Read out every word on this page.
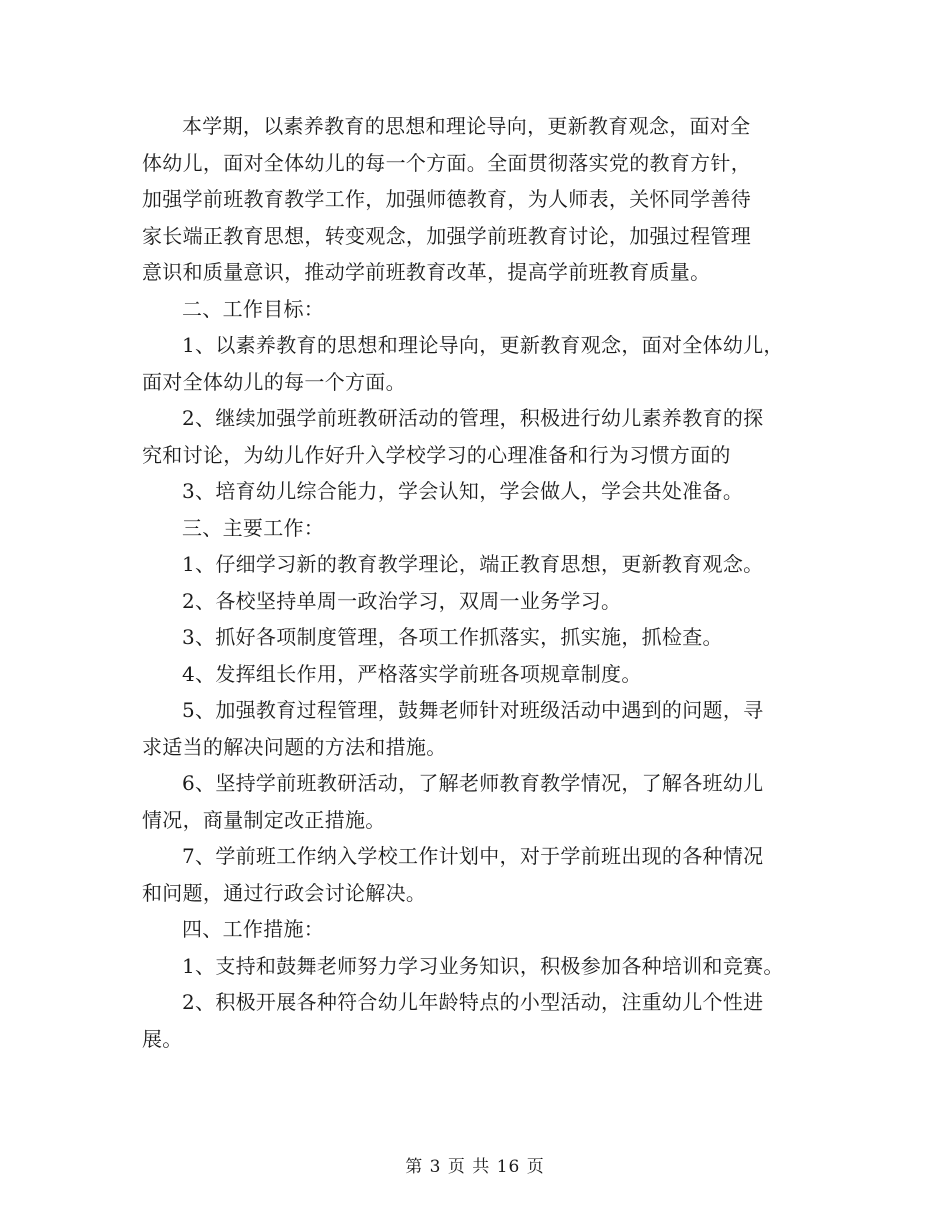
本学期，以素养教育的思想和理论导向，更新教育观念，面对全
体幼儿，面对全体幼儿的每一个方面。全面贯彻落实党的教育方针，
加强学前班教育教学工作，加强师德教育，为人师表，关怀同学善待
家长端正教育思想，转变观念，加强学前班教育讨论，加强过程管理
意识和质量意识，推动学前班教育改革，提高学前班教育质量。

二、工作目标：

1、以素养教育的思想和理论导向，更新教育观念，面对全体幼儿，
面对全体幼儿的每一个方面。

2、继续加强学前班教研活动的管理，积极进行幼儿素养教育的探
究和讨论，为幼儿作好升入学校学习的心理准备和行为习惯方面的

3、培育幼儿综合能力，学会认知，学会做人，学会共处准备。

三、主要工作：

1、仔细学习新的教育教学理论，端正教育思想，更新教育观念。

2、各校坚持单周一政治学习，双周一业务学习。

3、抓好各项制度管理，各项工作抓落实，抓实施，抓检查。

4、发挥组长作用，严格落实学前班各项规章制度。

5、加强教育过程管理，鼓舞老师针对班级活动中遇到的问题，寻
求适当的解决问题的方法和措施。

6、坚持学前班教研活动，了解老师教育教学情况，了解各班幼儿
情况，商量制定改正措施。

7、学前班工作纳入学校工作计划中，对于学前班出现的各种情况
和问题，通过行政会讨论解决。

四、工作措施：

1、支持和鼓舞老师努力学习业务知识，积极参加各种培训和竞赛。

2、积极开展各种符合幼儿年龄特点的小型活动，注重幼儿个性进
展。

第 3 页 共 16 页
